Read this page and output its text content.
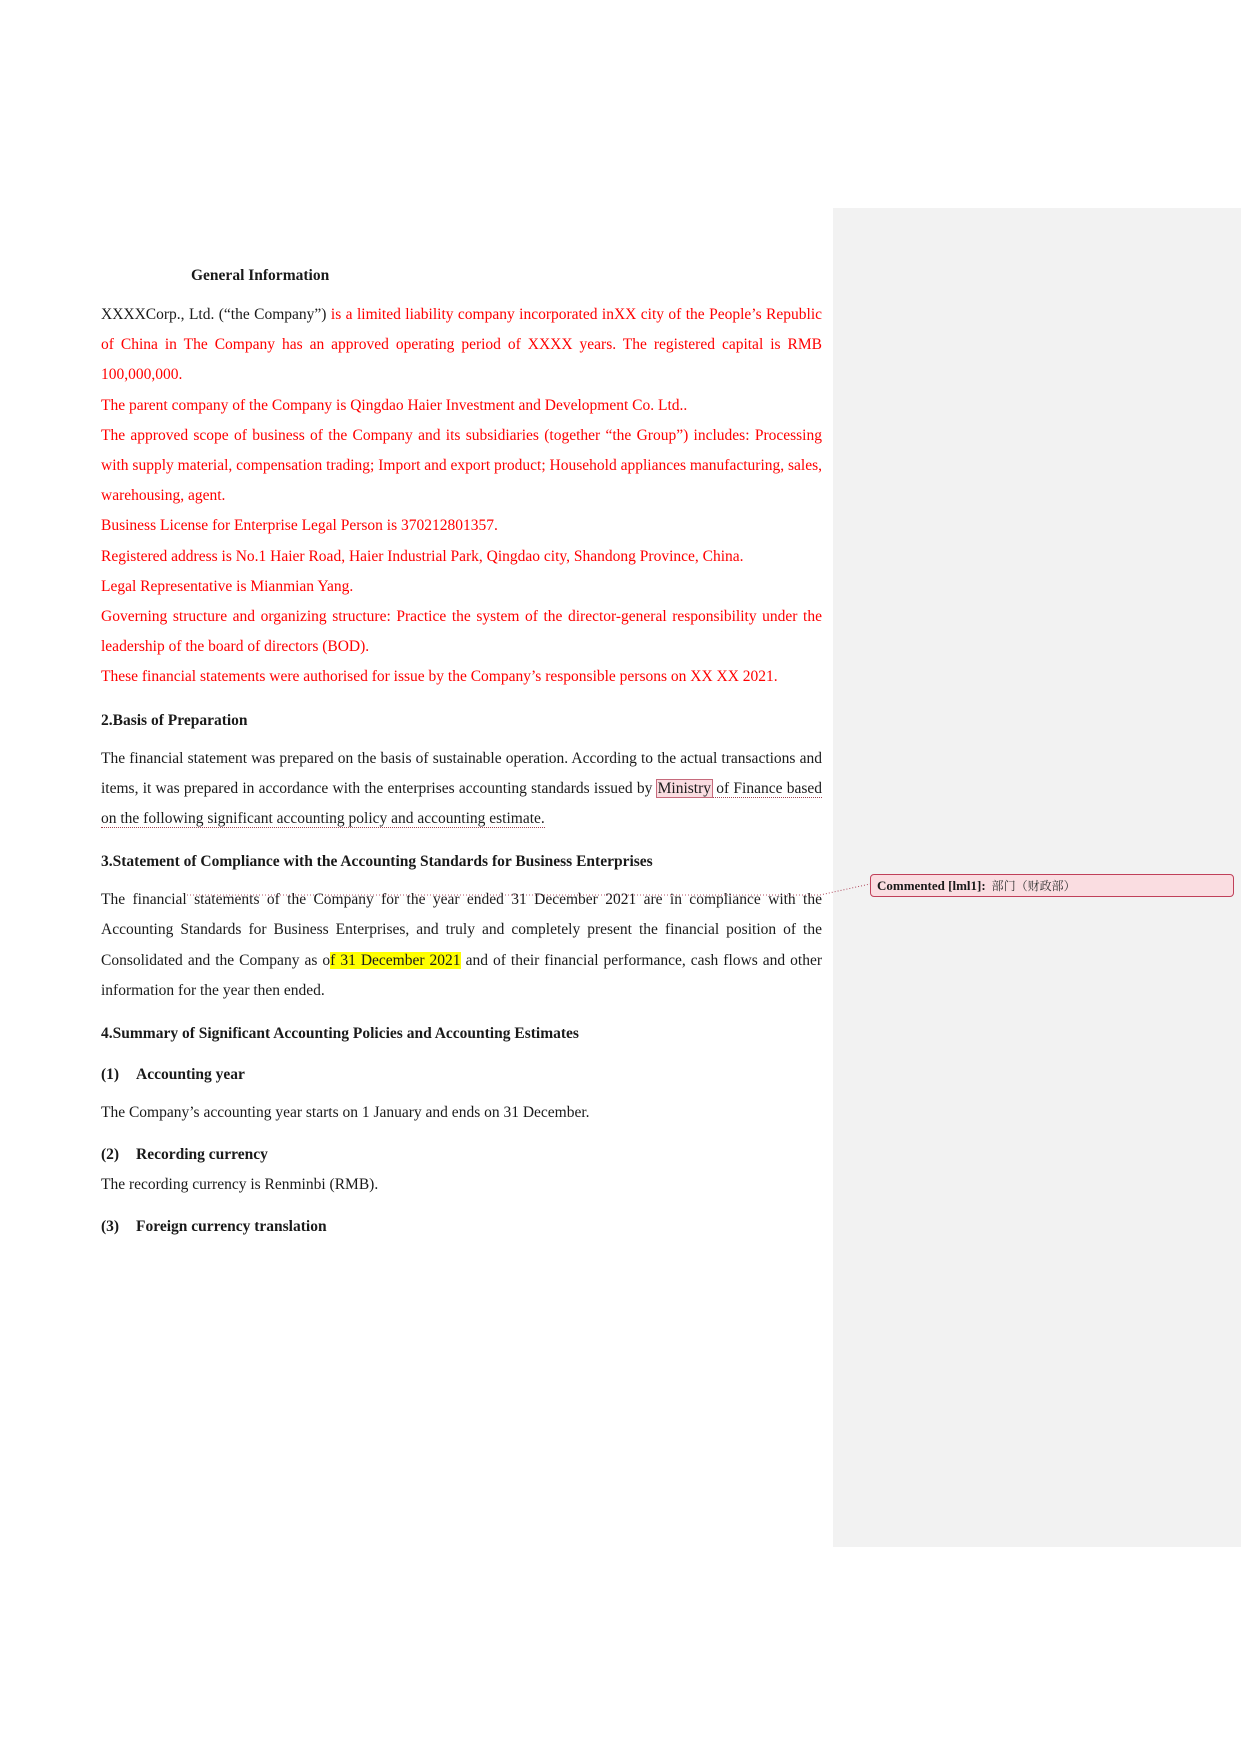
General Information

XXXXCorp., Ltd. (“the Company”) is a limited liability company incorporated inXX city of the People’s Republic of China in The Company has an approved operating period of XXXX years. The registered capital is RMB 100,000,000.

The parent company of the Company is Qingdao Haier Investment and Development Co. Ltd..

The approved scope of business of the Company and its subsidiaries (together “the Group”) includes: Processing with supply material, compensation trading; Import and export product; Household appliances manufacturing, sales, warehousing, agent.

Business License for Enterprise Legal Person is 370212801357.

Registered address is No.1 Haier Road, Haier Industrial Park, Qingdao city, Shandong Province, China.

Legal Representative is Mianmian Yang.

Governing structure and organizing structure: Practice the system of the director-general responsibility under the leadership of the board of directors (BOD).

These financial statements were authorised for issue by the Company’s responsible persons on XX XX 2021.

2.Basis of Preparation

The financial statement was prepared on the basis of sustainable operation. According to the actual transactions and items, it was prepared in accordance with the enterprises accounting standards issued by Ministry of Finance based on the following significant accounting policy and accounting estimate.

3.Statement of Compliance with the Accounting Standards for Business Enterprises

The financial statements of the Company for the year ended 31 December 2021 are in compliance with the Accounting Standards for Business Enterprises, and truly and completely present the financial position of the Consolidated and the Company as of 31 December 2021 and of their financial performance, cash flows and other information for the year then ended.

4.Summary of Significant Accounting Policies and Accounting Estimates
(1) Accounting year

The Company’s accounting year starts on 1 January and ends on 31 December.

(2) Recording currency

The recording currency is Renminbi (RMB).

(3) Foreign currency translation
Commented [lml1]: 部门（财政部）
